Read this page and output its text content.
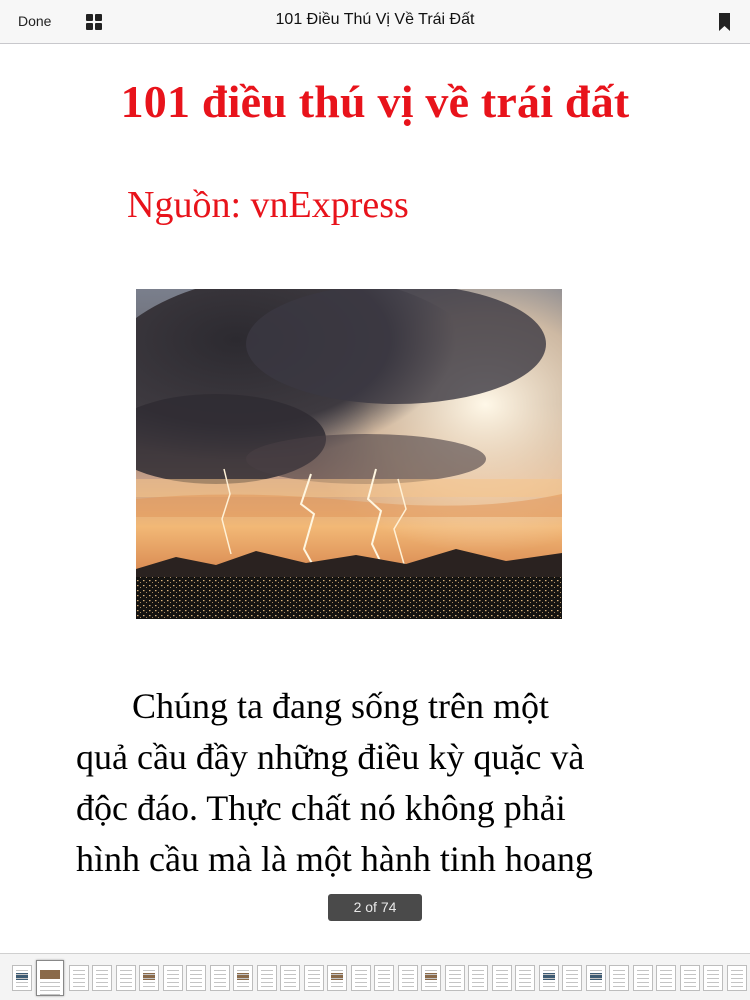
Done	101 Điều Thú Vị Về Trái Đất
101 điều thú vị về trái đất
Nguồn: vnExpress
Chúng ta đang sống trên một
quả cầu đầy những điều kỳ quặc và
độc đáo. Thực chất nó không phải
hình cầu mà là một hành tinh hoang
2 of 74
